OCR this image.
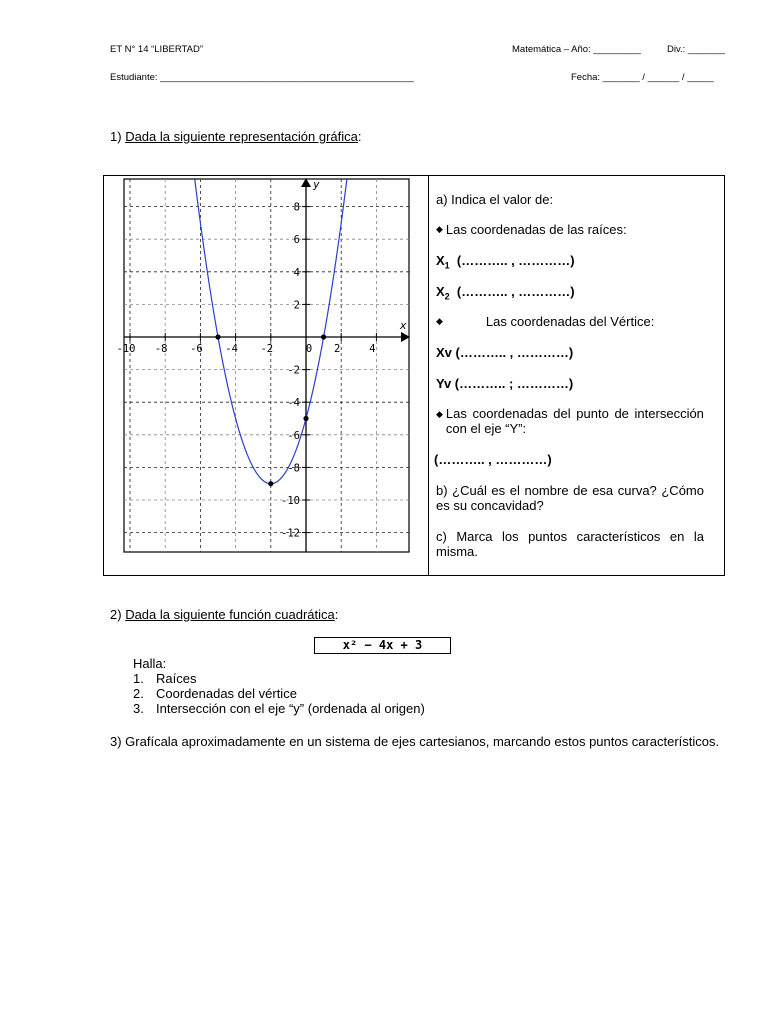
ET N° 14 “LIBERTAD”	Matemática – Año: _________	Div.: _______
Estudiante: ________________________________________________	Fecha: _______ / ______ / _____
1) Dada la siguiente representación gráfica:
-10 -8 -6 -4 -2	0 2	4
8
6
4
2
-2
-4
-6
-8
-10
-12
x
y

a) Indica el valor de:

◆ Las coordenadas de las raíces:

$X_1$ (……….. , …………)

$X_2$ (……….. , …………)

◆	Las coordenadas del Vértice:

Xv (……….. , …………)

Yv (……….. ; …………)

◆ Las coordenadas del punto de intersección con el eje “Y”:

(……….. , …………)

b) ¿Cuál es el nombre de esa curva? ¿Cómo es su concavidad?

c) Marca los puntos característicos en la misma.

2) Dada la siguiente función cuadrática:
x² − 4x + 3
Halla:
1. Raíces
2. Coordenadas del vértice
3. Intersección con el eje “y” (ordenada al origen)
3) Grafícala aproximadamente en un sistema de ejes cartesianos, marcando estos puntos característicos.
